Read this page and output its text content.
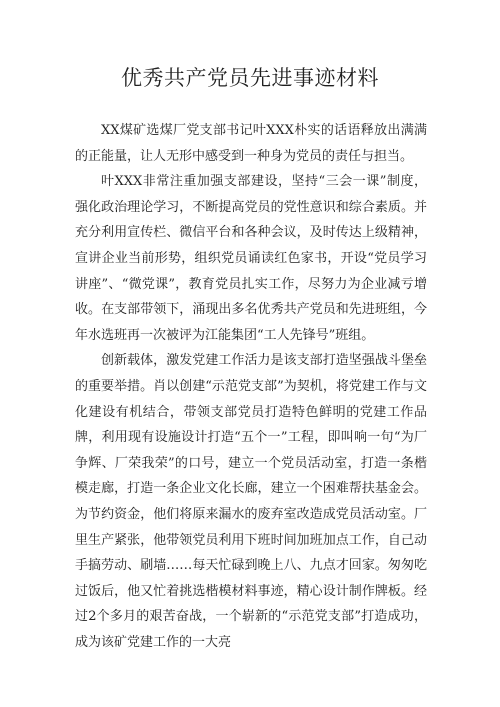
优秀共产党员先进事迹材料

XX煤矿选煤厂党支部书记叶XXX朴实的话语释放出满满的正能量，让人无形中感受到一种身为党员的责任与担当。

叶XXX非常注重加强支部建设，坚持“三会一课”制度，强化政治理论学习，不断提高党员的党性意识和综合素质。并充分利用宣传栏、微信平台和各种会议，及时传达上级精神，宣讲企业当前形势，组织党员诵读红色家书，开设“党员学习讲座”、“微党课”，教育党员扎实工作，尽努力为企业减亏增收。在支部带领下，涌现出多名优秀共产党员和先进班组，今年水选班再一次被评为江能集团“工人先锋号”班组。

创新载体，激发党建工作活力是该支部打造坚强战斗堡垒的重要举措。肖以创建“示范党支部”为契机，将党建工作与文化建设有机结合，带领支部党员打造特色鲜明的党建工作品牌，利用现有设施设计打造“五个一”工程，即叫响一句“为厂争辉、厂荣我荣”的口号，建立一个党员活动室，打造一条楷模走廊，打造一条企业文化长廊，建立一个困难帮扶基金会。为节约资金，他们将原来漏水的废弃室改造成党员活动室。厂里生产紧张，他带领党员利用下班时间加班加点工作，自己动手搞劳动、刷墙……每天忙碌到晚上八、九点才回家。匆匆吃过饭后，他又忙着挑选楷模材料事迹，精心设计制作牌板。经过2个多月的艰苦奋战，一个崭新的“示范党支部”打造成功，成为该矿党建工作的一大亮
